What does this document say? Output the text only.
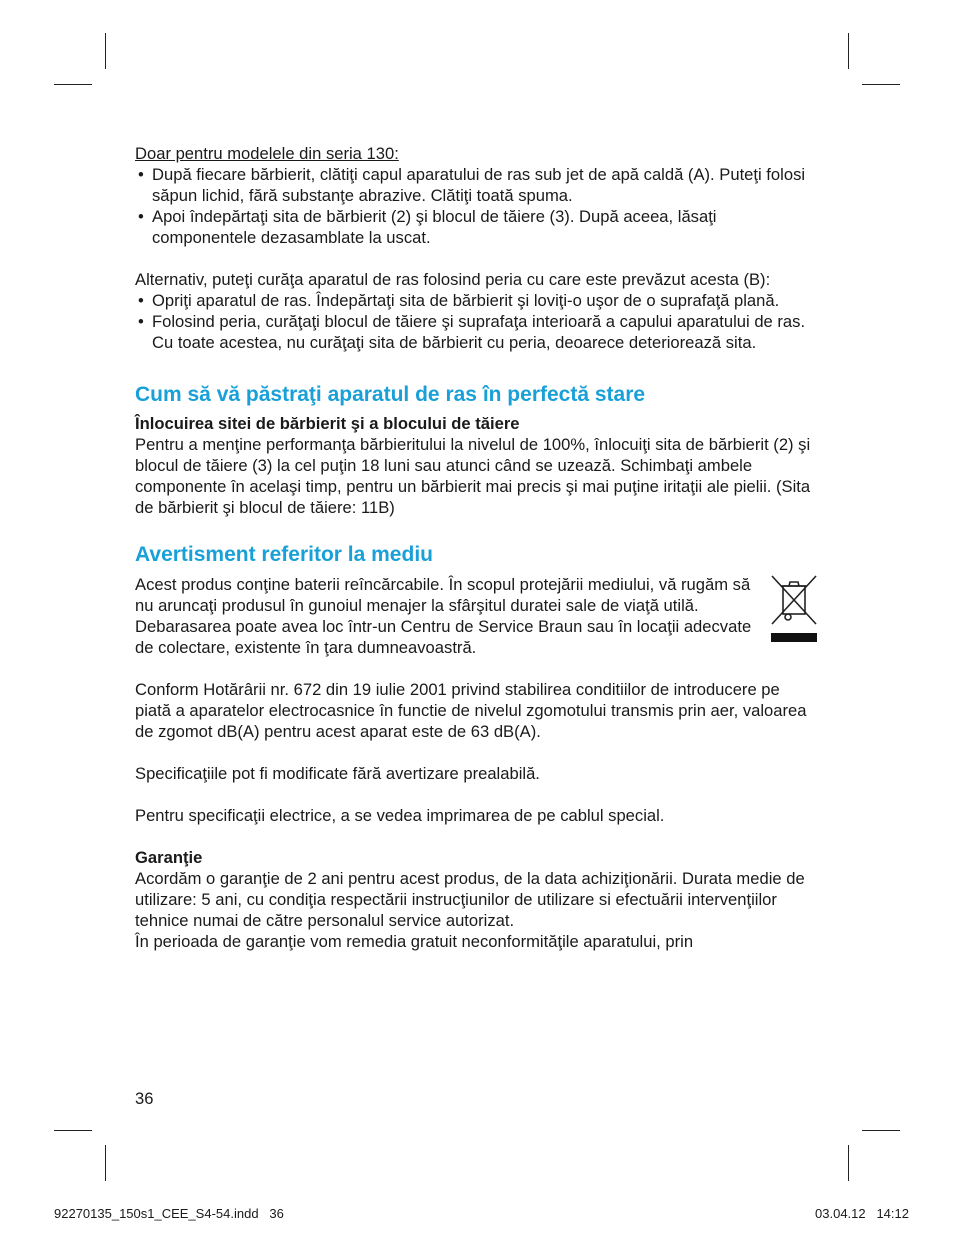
Doar pentru modelele din seria 130:

• După fiecare bărbierit, clătiţi capul aparatului de ras sub jet de apă caldă (A). Puteţi folosi săpun lichid, fără substanţe abrazive. Clătiţi toată spuma.
• Apoi îndepărtaţi sita de bărbierit (2) şi blocul de tăiere (3). După aceea, lăsaţi componentele dezasamblate la uscat.

Alternativ, puteţi curăţa aparatul de ras folosind peria cu care este prevăzut acesta (B):

• Opriţi aparatul de ras. Îndepărtaţi sita de bărbierit şi loviţi-o uşor de o suprafaţă plană.
• Folosind peria, curăţaţi blocul de tăiere şi suprafaţa interioară a capului aparatului de ras. Cu toate acestea, nu curăţaţi sita de bărbierit cu peria, deoarece deteriorează sita.
Cum să vă păstraţi aparatul de ras în perfectă stare

Înlocuirea sitei de bărbierit şi a blocului de tăiere

Pentru a menţine performanţa bărbieritului la nivelul de 100%, înlocuiţi sita de bărbierit (2) şi blocul de tăiere (3) la cel puţin 18 luni sau atunci când se uzează. Schimbaţi ambele componente în acelaşi timp, pentru un bărbierit mai precis şi mai puţine iritaţii ale pielii. (Sita de bărbierit şi blocul de tăiere: 11B)

Avertisment referitor la mediu

Acest produs conţine baterii reîncărcabile. În scopul protejării mediului, vă rugăm să nu aruncaţi produsul în gunoiul menajer la sfârşitul duratei sale de viaţă utilă. Debarasarea poate avea loc într-un Centru de Service Braun sau în locaţii adecvate de colectare, existente în ţara dumneavoastră.

Conform Hotărârii nr. 672 din 19 iulie 2001 privind stabilirea conditiilor de introducere pe piată a aparatelor electrocasnice în functie de nivelul zgomotului transmis prin aer, valoarea de zgomot dB(A) pentru acest aparat este de 63 dB(A).

Specificaţiile pot fi modificate fără avertizare prealabilă.

Pentru specificaţii electrice, a se vedea imprimarea de pe cablul special.

Garanţie

Acordăm o garanţie de 2 ani pentru acest produs, de la data achiziţionării. Durata medie de utilizare: 5 ani, cu condiţia respectării instrucţiunilor de utilizare si efectuării intervenţiilor tehnice numai de către personalul service autorizat.

În perioada de garanţie vom remedia gratuit neconformităţile aparatului, prin

36
92270135_150s1_CEE_S4-54.indd   36	03.04.12   14:12
